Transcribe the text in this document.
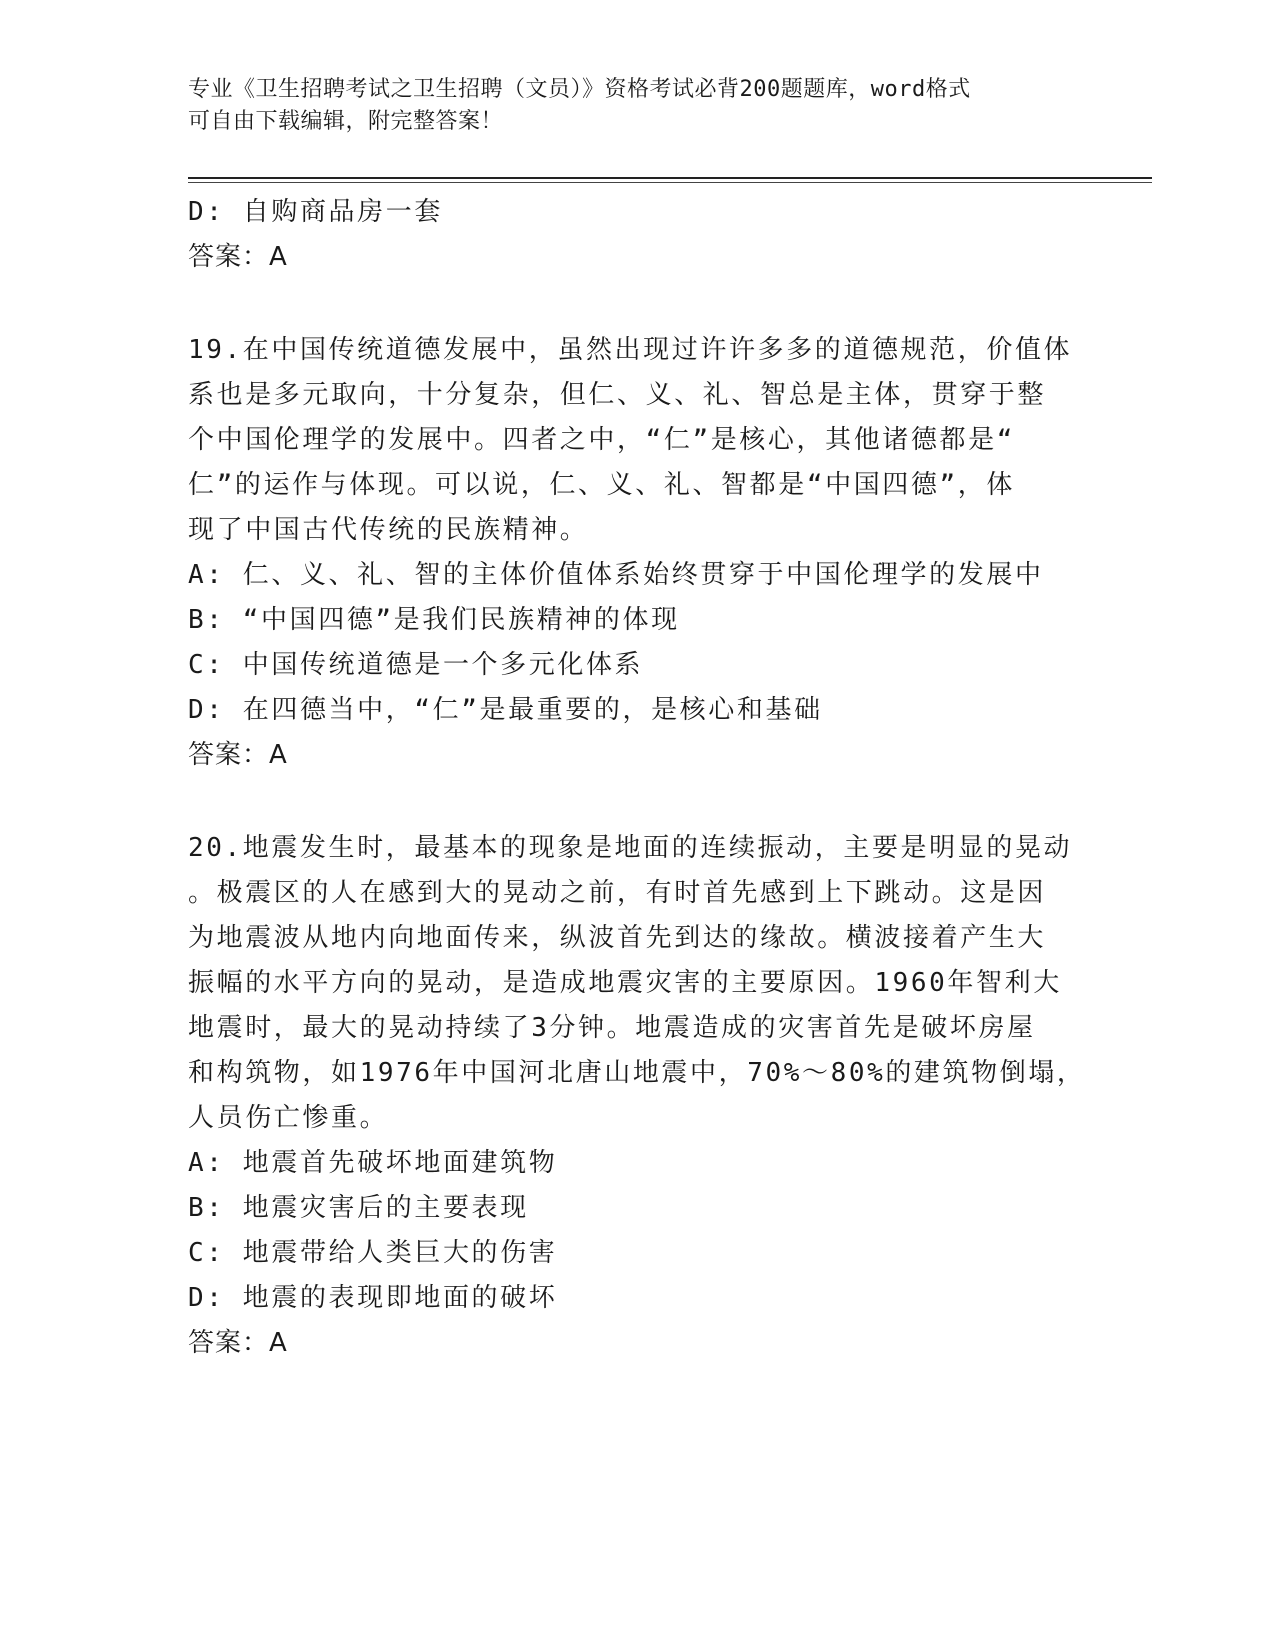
专业《卫生招聘考试之卫生招聘（文员）》资格考试必背200题题库，word格式
可自由下载编辑，附完整答案！
D: 自购商品房一套
答案：A
19.在中国传统道德发展中，虽然出现过许许多多的道德规范，价值体
系也是多元取向，十分复杂，但仁、义、礼、智总是主体，贯穿于整
个中国伦理学的发展中。四者之中，“仁”是核心，其他诸德都是“
仁”的运作与体现。可以说，仁、义、礼、智都是“中国四德”，体
现了中国古代传统的民族精神。
A: 仁、义、礼、智的主体价值体系始终贯穿于中国伦理学的发展中
B: “中国四德”是我们民族精神的体现
C: 中国传统道德是一个多元化体系
D: 在四德当中，“仁”是最重要的，是核心和基础
答案：A
20.地震发生时，最基本的现象是地面的连续振动，主要是明显的晃动
。极震区的人在感到大的晃动之前，有时首先感到上下跳动。这是因
为地震波从地内向地面传来，纵波首先到达的缘故。横波接着产生大
振幅的水平方向的晃动，是造成地震灾害的主要原因。1960年智利大
地震时，最大的晃动持续了3分钟。地震造成的灾害首先是破坏房屋
和构筑物，如1976年中国河北唐山地震中，70%～80%的建筑物倒塌，
人员伤亡惨重。
A: 地震首先破坏地面建筑物
B: 地震灾害后的主要表现
C: 地震带给人类巨大的伤害
D: 地震的表现即地面的破坏
答案：A
